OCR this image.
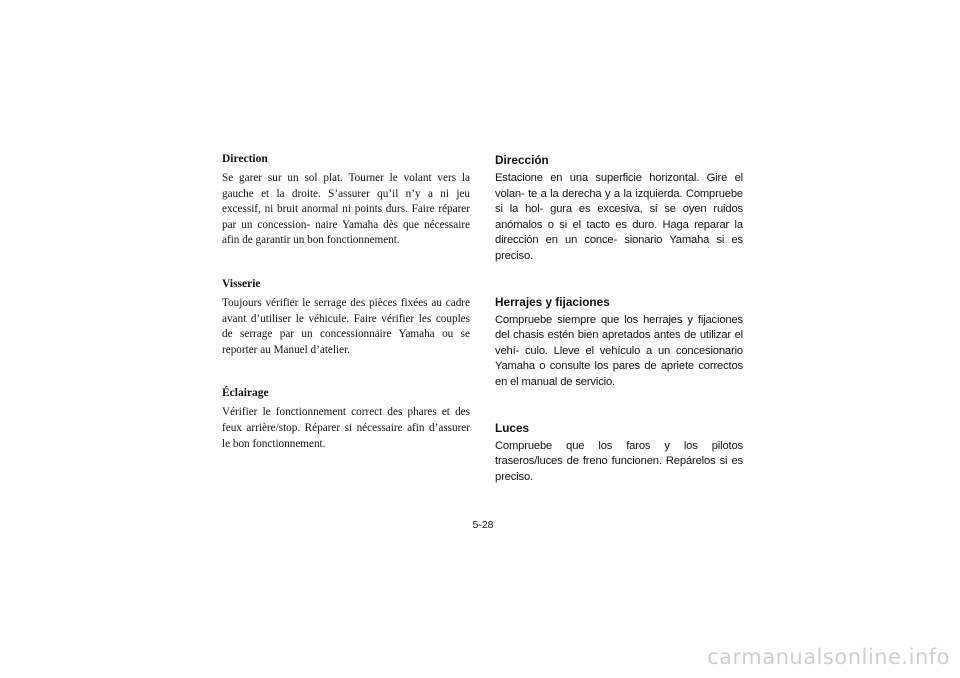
Direction

Se garer sur un sol plat. Tourner le volant vers la gauche et la droite. S’assurer qu’il n’y a ni jeu excessif, ni bruit anormal ni points durs. Faire réparer par un concession- naire Yamaha dès que nécessaire afin de garantir un bon fonctionnement.

Visserie

Toujours vérifier le serrage des pièces fixées au cadre avant d’utiliser le véhicule. Faire vérifier les couples de serrage par un concessionnaire Yamaha ou se reporter au Manuel d’atelier.

Éclairage

Vérifier le fonctionnement correct des phares et des feux arrière/stop. Réparer si nécessaire afin d’assurer le bon fonctionnement.

Dirección

Estacione en una superficie horizontal. Gire el volan- te a la derecha y a la izquierda. Compruebe si la hol- gura es excesiva, si se oyen ruidos anómalos o si el tacto es duro. Haga reparar la dirección en un conce- sionario Yamaha si es preciso.

Herrajes y fijaciones

Compruebe siempre que los herrajes y fijaciones del chasis estén bien apretados antes de utilizar el vehí- culo. Lleve el vehículo a un concesionario Yamaha o consulte los pares de apriete correctos en el manual de servicio.

Luces

Compruebe que los faros y los pilotos traseros/luces de freno funcionen. Repárelos si es preciso.

5-28
carmanualsonline.info
